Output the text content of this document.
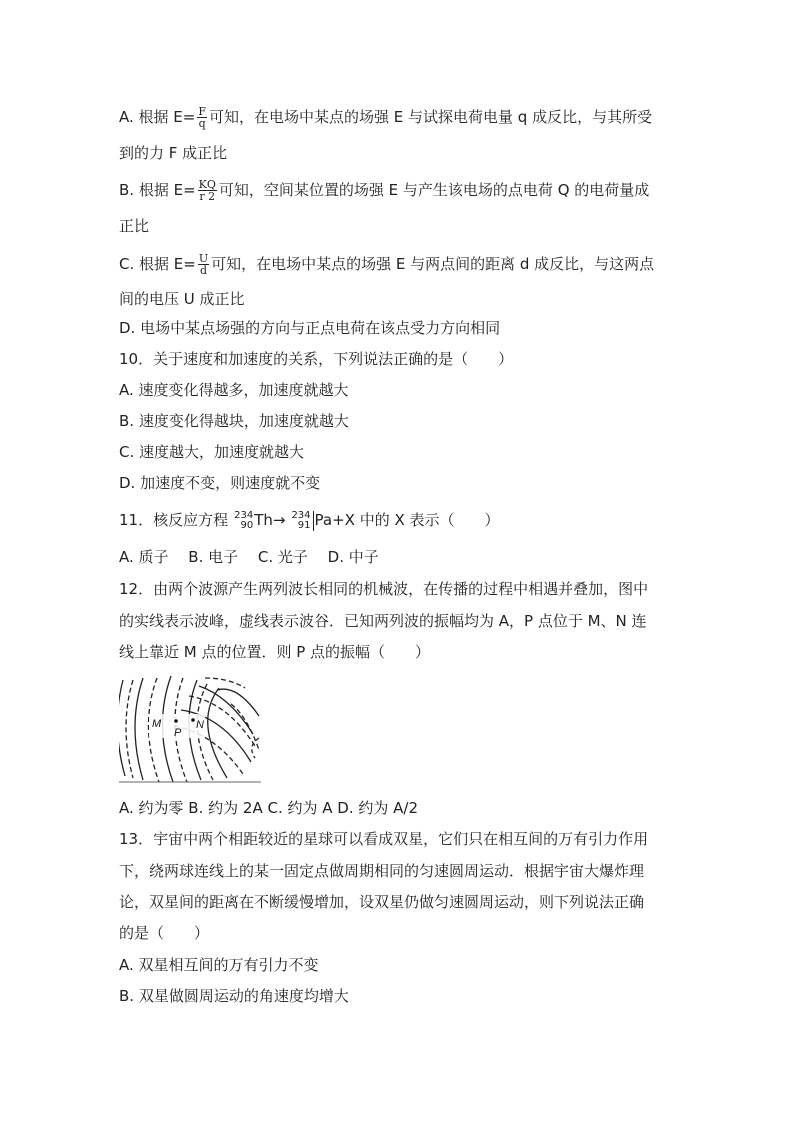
A. 根据 $E= \frac{F}{q}$ 可知，在电场中某点的场强 E 与试探电荷电量 q 成反比，与其所受
到的力 F 成正比
B. 根据 $E= \frac{KQ}{r 2}$ 可知，空间某位置的场强 E 与产生该电场的点电荷 Q 的电荷量成
正比
C. 根据 $E= \frac{U}{d}$ 可知，在电场中某点的场强 E 与两点间的距离 d 成反比，与这两点
间的电压 U 成正比
D. 电场中某点场强的方向与正点电荷在该点受力方向相同
10．关于速度和加速度的关系，下列说法正确的是（　　）
A. 速度变化得越多，加速度就越大
B. 速度变化得越块，加速度就越大
C. 速度越大，加速度就越大
D. 加速度不变，则速度就不变
11．核反应方程 234
90 Th→ 234
91 Pa+X 中的 X 表示（　　）
A. 质子　 B. 电子　 C. 光子　 D. 中子
12．由两个波源产生两列波长相同的机械波，在传播的过程中相遇并叠加，图中
的实线表示波峰，虚线表示波谷．已知两列波的振幅均为 A，P 点位于 M、N 连
线上靠近 M 点的位置．则 P 点的振幅（　　）
M
P
N
A. 约为零 B. 约为 2A C. 约为 A D. 约为 A/2
13．宇宙中两个相距较近的星球可以看成双星，它们只在相互间的万有引力作用
下，绕两球连线上的某一固定点做周期相同的匀速圆周运动．根据宇宙大爆炸理
论，双星间的距离在不断缓慢增加，设双星仍做匀速圆周运动，则下列说法正确
的是（　　）
A. 双星相互间的万有引力不变
B. 双星做圆周运动的角速度均增大
